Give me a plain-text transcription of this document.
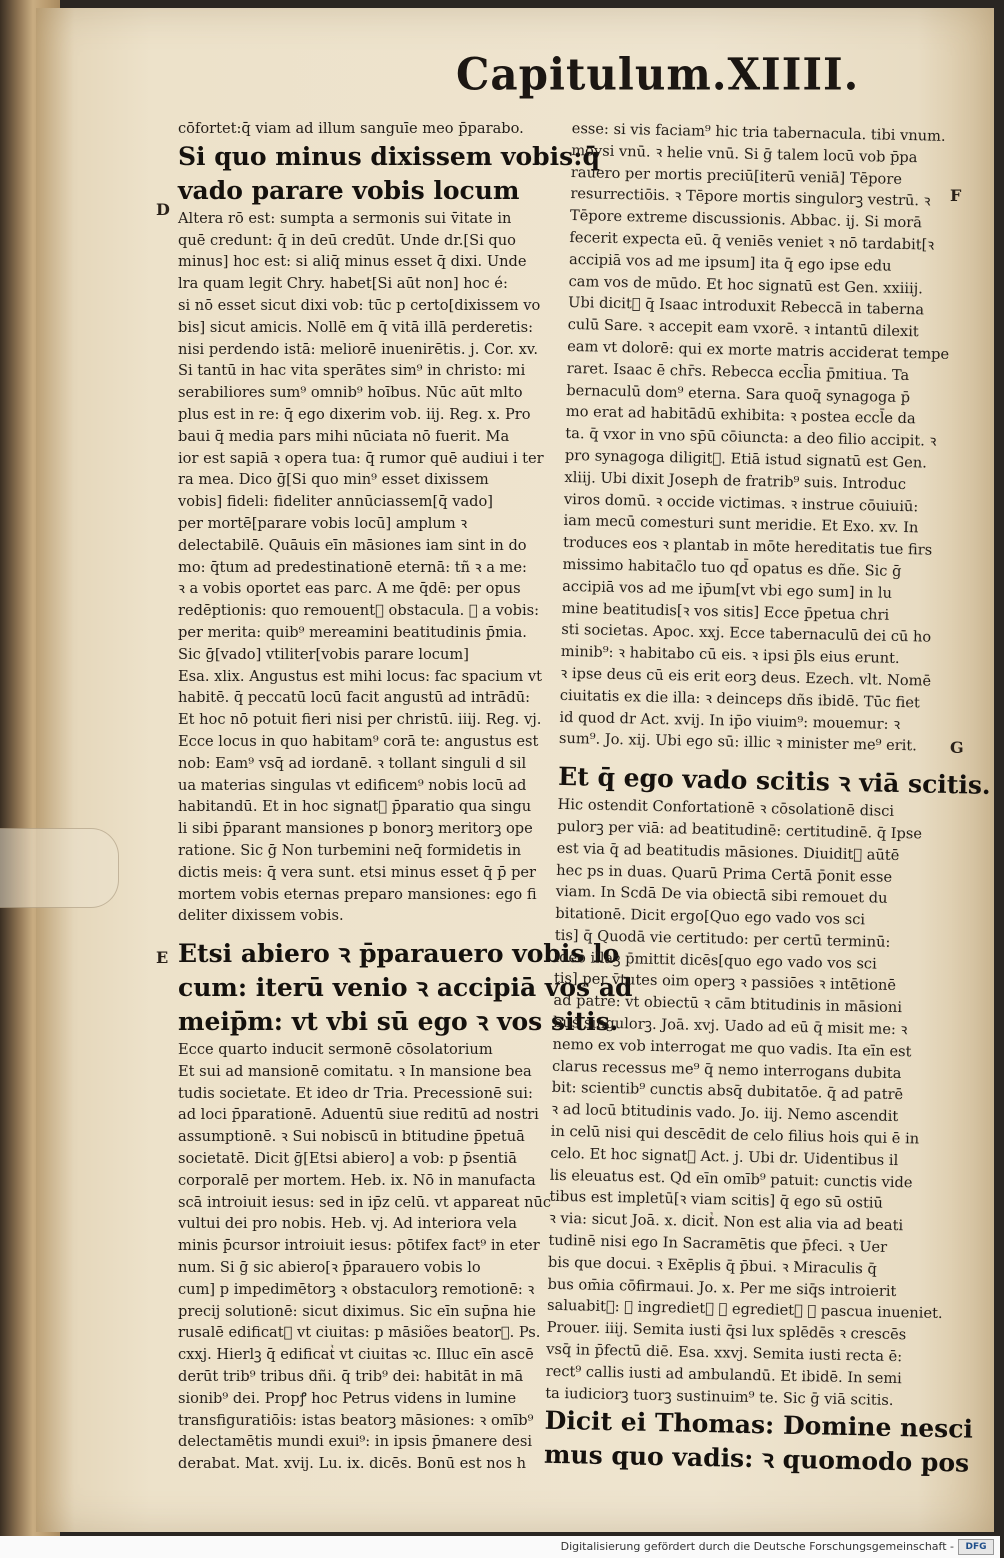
Capitulum.XIIII.
D
E
F
G
cōfortet:q̄ viam ad illum sanguīe meo p̄parabo.
Si quo minus dixissem vobis:q̄
vado parare vobis locum
Altera rō est: sumpta a sermonis sui v̄itate in
quē credunt: q̄ in deū credūt. Unde dr.[Si quo
minus] hoc est: si aliq̄ minus esset q̄ dixi. Unde
lra quam legit Chry. habet[Si aūt non] hoc é:
si nō esset sicut dixi vob: tūc p certo[dixissem vo
bis] sicut amicis. Nollē em q̄ vitā illā perderetis:
nisi perdendo istā: meliorē inuenirētis. j. Cor. xv.
Si tantū in hac vita sperātes sim⁹ in christo: mi
serabiliores sum⁹ omnib⁹ hoībus. Nūc aūt mlto
plus est in re: q̄ ego dixerim vob. iij. Reg. x. Pro
baui q̄ media pars mihi nūciata nō fuerit. Ma
ior est sapiā ꝛ opera tua: q̄ rumor quē audiui i ter
ra mea. Dico ḡ[Si quo min⁹ esset dixissem
vobis] fideli: fideliter annūciassem[q̄ vado]
per mortē[parare vobis locū] amplum ꝛ
delectabilē. Quāuis eīn māsiones iam sint in do
mo: q̄tum ad predestinationē eternā: tñ ꝛ a me:
ꝛ a vobis oportet eas parc. A me q̄dē: per opus
redēptionis: quo remouentᷣ obstacula. ꝛ a vobis:
per merita: quib⁹ mereamini beatitudinis p̄mia.
Sic ḡ[vado] vtiliter[vobis parare locum]
Esa. xlix. Angustus est mihi locus: fac spacium vt
habitē. q̄ peccatū locū facit angustū ad intrādū:
Et hoc nō potuit fieri nisi per christū. iiij. Reg. vj.
Ecce locus in quo habitam⁹ corā te: angustus est
nob: Eam⁹ vsq̄ ad iordanē. ꝛ tollant singuli d sil
ua materias singulas vt edificem⁹ nobis locū ad
habitandū. Et in hoc signatᷣ p̄paratio qua singu
li sibi p̄parant mansiones p bonorꝫ meritorꝫ ope
ratione. Sic ḡ Non turbemini neq̄ formidetis in
dictis meis: q̄ vera sunt. etsi minus esset q̄ p̄ per
mortem vobis eternas preparo mansiones: ego fi
deliter dixissem vobis.
Etsi abiero ꝛ p̄parauero vobis lo
cum: iterū venio ꝛ accipiā vos ad
meip̄m: vt vbi sū ego ꝛ vos sitis.
Ecce quarto inducit sermonē cōsolatorium
Et sui ad mansionē comitatu. ꝛ In mansione bea
tudis societate. Et ideo dr Tria. Precessionē sui:
ad loci p̄parationē. Aduentū siue reditū ad nostri
assumptionē. ꝛ Sui nobiscū in btitudine p̄petuā
societatē. Dicit ḡ[Etsi abiero] a vob: p p̄sentiā
corporalē per mortem. Heb. ix. Nō in manufacta
scā introiuit iesus: sed in ip̄z celū. vt appareat nūc
vultui dei pro nobis. Heb. vj. Ad interiora vela
minis p̄cursor introiuit iesus: pōtifex fact⁹ in eter
num. Si ḡ sic abiero[ꝛ p̄parauero vobis lo
cum] p impedimētorꝫ ꝛ obstaculorꝫ remotionē: ꝛ
precij solutionē: sicut diximus. Sic eīn sup̄na hie
rusalē edificatᷣ vt ciuitas: p māsiões beatorꝫ. Ps.
cxxj. Hierlꝫ q̄ edificatᷣ vt ciuitas ꝛc. Illuc eīn ascē
derūt trib⁹ tribus dñi. q̄ trib⁹ dei: habitāt in mā
sionib⁹ dei. Propꝭ hoc Petrus videns in lumine
transfiguratiōis: istas beatorꝫ māsiones: ꝛ omīb⁹
delectamētis mundi exui⁹: in ipsis p̄manere desi
derabat. Mat. xvij. Lu. ix. dicēs. Bonū est nos h
esse: si vis faciam⁹ hic tria tabernacula. tibi vnum.
moysi vnū. ꝛ helie vnū. Si ḡ talem locū vob p̄pa
rauero per mortis preciū[iterū veniā] Tēpore
resurrectiōis. ꝛ Tēpore mortis singulorꝫ vestrū. ꝛ
Tēpore extreme discussionis. Abbac. ij. Si morā
fecerit expecta eū. q̄ veniēs veniet ꝛ nō tardabit[ꝛ
accipiā vos ad me ipsum] ita q̄ ego ipse edu
cam vos de mūdo. Et hoc signatū est Gen. xxiiij.
Ubi dicitᷣ q̄ Isaac introduxit Rebeccā in taberna
culū Sare. ꝛ accepit eam vxorē. ꝛ intantū dilexit
eam vt dolorē: qui ex morte matris acciderat tempe
raret. Isaac ē chr̄s. Rebecca eccl̄ia p̄mitiua. Ta
bernaculū dom⁹ eterna. Sara quoq̄ synagoga p̄
mo erat ad habitādū exhibita: ꝛ postea eccl̄e da
ta. q̄ vxor in vno sp̄ū cōiuncta: a deo filio accipit. ꝛ
pro synagoga diligitᷣ. Etiā istud signatū est Gen.
xliij. Ubi dixit Joseph de fratrib⁹ suis. Introduc
viros domū. ꝛ occide victimas. ꝛ instrue cōuiuiū:
iam mecū comesturi sunt meridie. Et Exo. xv. In
troduces eos ꝛ plantab in mōte hereditatis tue firs
missimo habitac̄lo tuo qd̄ opatus es dñe. Sic ḡ
accipiā vos ad me ip̄um[vt vbi ego sum] in lu
mine beatitudis[ꝛ vos sitis] Ecce p̄petua chri
sti societas. Apoc. xxj. Ecce tabernaculū dei cū ho
minib⁹: ꝛ habitabo cū eis. ꝛ ipsi p̄ls eius erunt.
ꝛ ipse deus cū eis erit eorꝫ deus. Ezech. vlt. Nomē
ciuitatis ex die illa: ꝛ deinceps dñs ibidē. Tūc fiet
id quod dr Act. xvij. In ip̄o viuim⁹: mouemur: ꝛ
sum⁹. Jo. xij. Ubi ego sū: illic ꝛ minister me⁹ erit.
Et q̄ ego vado scitis ꝛ viā scitis.
Hic ostendit Confortationē ꝛ cōsolationē disci
pulorꝫ per viā: ad beatitudinē: certitudinē. q̄ Ipse
est via q̄ ad beatitudis māsiones. Diuiditᷣ aūtē
hec ps in duas. Quarū Prima Certā p̄onit esse
viam. In Scdā De via obiectā sibi remouet du
bitationē. Dicit ergo[Quo ego vado vos sci
tis] q̄ Quodā vie certitudo: per certū terminū:
ideo illaꝫ p̄mittit dicēs[quo ego vado vos sci
tis] per v̄tutes oim operꝫ ꝛ passiōes ꝛ intētionē
ad patrē: vt obiectū ꝛ cām btitudinis in māsioni
bus singulorꝫ. Joā. xvj. Uado ad eū q̄ misit me: ꝛ
nemo ex vob interrogat me quo vadis. Ita eīn est
clarus recessus me⁹ q̄ nemo interrogans dubita
bit: scientib⁹ cunctis absq̄ dubitatōe. q̄ ad patrē
ꝛ ad locū btitudinis vado. Jo. iij. Nemo ascendit
in celū nisi qui descēdit de celo filius hois qui ē in
celo. Et hoc signatᷣ Act. j. Ubi dr. Uidentibus il
lis eleuatus est. Qd eīn omīb⁹ patuit: cunctis vide
tibus est impletū[ꝛ viam scitis] q̄ ego sū ostiū
ꝛ via: sicut Joā. x. dicitᷣ. Non est alia via ad beati
tudinē nisi ego In Sacramētis que p̄feci. ꝛ Uer
bis que docui. ꝛ Exēplis q̄ p̄bui. ꝛ Miraculis q̄
bus om̄ia cōfirmaui. Jo. x. Per me siq̄s introierit
saluabitᷣ: ꝛ ingredietᷣ ꝛ egredietᷣ ꝛ pascua inueniet.
Prouer. iiij. Semita iusti q̄si lux splēdēs ꝛ crescēs
vsq̄ in p̄fectū diē. Esa. xxvj. Semita iusti recta ē:
rect⁹ callis iusti ad ambulandū. Et ibidē. In semi
ta iudiciorꝫ tuorꝫ sustinuim⁹ te. Sic ḡ viā scitis.
Dicit ei Thomas: Domine nesci
mus quo vadis: ꝛ quomodo pos
Digitalisierung gefördert durch die Deutsche Forschungsgemeinschaft -	DFG
